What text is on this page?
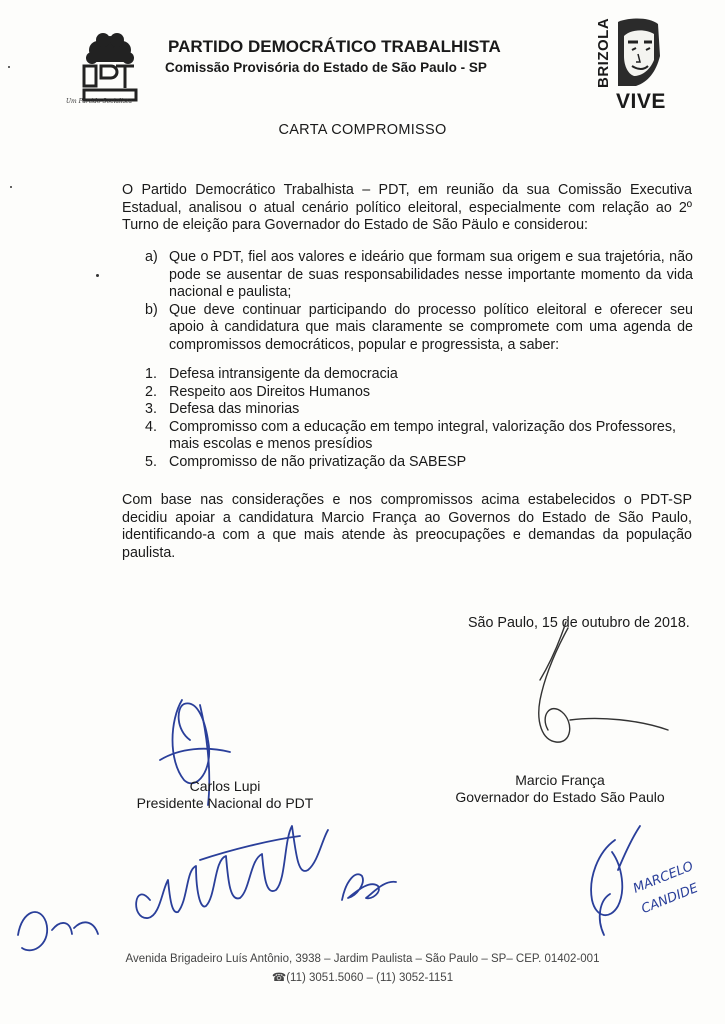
Um Partido Socialista
PARTIDO DEMOCRÁTICO TRABALHISTA
Comissão Provisória do Estado de São Paulo - SP	BRIZOLA
VIVE
CARTA COMPROMISSO
O Partido Democrático Trabalhista – PDT, em reunião da sua Comissão Executiva Estadual, analisou o atual cenário político eleitoral, especialmente com relação ao 2º Turno de eleição para Governador do Estado de São Päulo e considerou:
a) Que o PDT, fiel aos valores e ideário que formam sua origem e sua trajetória, não pode se ausentar de suas responsabilidades nesse importante momento da vida nacional e paulista;
b) Que deve continuar participando do processo político eleitoral e oferecer seu apoio à candidatura que mais claramente se compromete com uma agenda de compromissos democráticos, popular e progressista, a saber:
1. Defesa intransigente da democracia
2. Respeito aos Direitos Humanos
3. Defesa das minorias
4. Compromisso com a educação em tempo integral, valorização dos Professores, mais escolas e menos presídios
5. Compromisso de não privatização da SABESP
Com base nas considerações e nos compromissos acima estabelecidos o PDT-SP decidiu apoiar a candidatura Marcio França ao Governos do Estado de São Paulo, identificando-a com a que mais atende às preocupações e demandas da população paulista.
São Paulo, 15 de outubro de 2018.
MARCELO CANDIDE
Carlos Lupi
Presidente Nacional do PDT
Marcio França
Governador do Estado São Paulo
Avenida Brigadeiro Luís Antônio, 3938 – Jardim Paulista – São Paulo – SP– CEP. 01402-001
☎(11) 3051.5060 – (11) 3052-1151
